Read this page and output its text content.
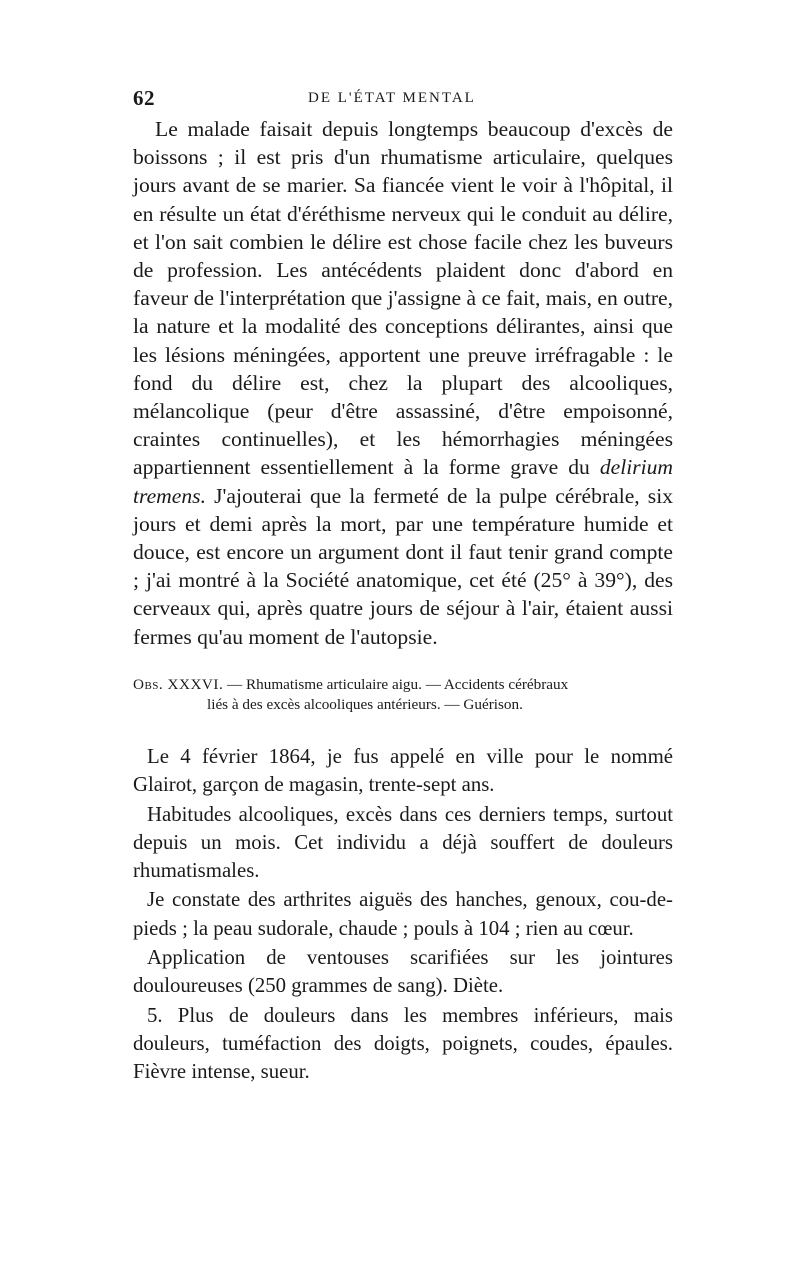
62	DE L'ÉTAT MENTAL

Le malade faisait depuis longtemps beaucoup d'excès de boissons ; il est pris d'un rhumatisme articulaire, quelques jours avant de se marier. Sa fiancée vient le voir à l'hôpital, il en résulte un état d'éréthisme nerveux qui le conduit au délire, et l'on sait combien le délire est chose facile chez les buveurs de profession. Les antécédents plaident donc d'abord en faveur de l'interprétation que j'assigne à ce fait, mais, en outre, la nature et la modalité des conceptions délirantes, ainsi que les lésions méningées, apportent une preuve irréfragable : le fond du délire est, chez la plupart des alcooliques, mélancolique (peur d'être assassiné, d'être empoisonné, craintes continuelles), et les hémorrhagies méningées appartiennent essentiellement à la forme grave du delirium tremens. J'ajouterai que la fermeté de la pulpe cérébrale, six jours et demi après la mort, par une température humide et douce, est encore un argument dont il faut tenir grand compte ; j'ai montré à la Société anatomique, cet été (25° à 39°), des cerveaux qui, après quatre jours de séjour à l'air, étaient aussi fermes qu'au moment de l'autopsie.

Obs. XXXVI. — Rhumatisme articulaire aigu. — Accidents cérébraux
liés à des excès alcooliques antérieurs. — Guérison.

Le 4 février 1864, je fus appelé en ville pour le nommé Glairot, garçon de magasin, trente-sept ans.

Habitudes alcooliques, excès dans ces derniers temps, surtout depuis un mois. Cet individu a déjà souffert de douleurs rhumatismales.

Je constate des arthrites aiguës des hanches, genoux, cou-de-pieds ; la peau sudorale, chaude ; pouls à 104 ; rien au cœur.

Application de ventouses scarifiées sur les jointures douloureuses (250 grammes de sang). Diète.

5. Plus de douleurs dans les membres inférieurs, mais douleurs, tuméfaction des doigts, poignets, coudes, épaules. Fièvre intense, sueur.
